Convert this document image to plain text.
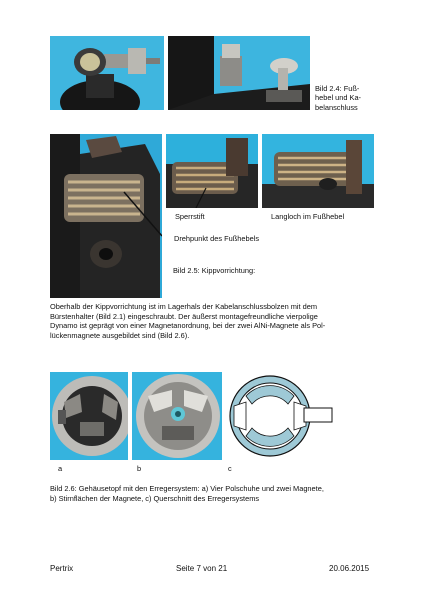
Bild 2.4: Fuß-
hebel und Ka-
belanschluss
Sperrstift	Langloch im Fußhebel
Drehpunkt des Fußhebels
Bild 2.5: Kippvorrichtung:
Oberhalb der Kippvorrichtung ist im Lagerhals der Kabelanschlussbolzen mit dem
Bürstenhalter (Bild 2.1) eingeschraubt. Der äußerst montagefreundliche vierpolige
Dynamo ist geprägt von einer Magnetanordnung, bei der zwei AlNi-Magnete als Pol-
lückenmagnete ausgebildet sind (Bild 2.6).
a	b	c
Bild 2.6: Gehäusetopf mit den Erregersystem: a) Vier Polschuhe und zwei Magnete,
b) Stirnflächen der Magnete, c) Querschnitt des Erregersystems
Pertrix	Seite 7 von 21	20.06.2015
